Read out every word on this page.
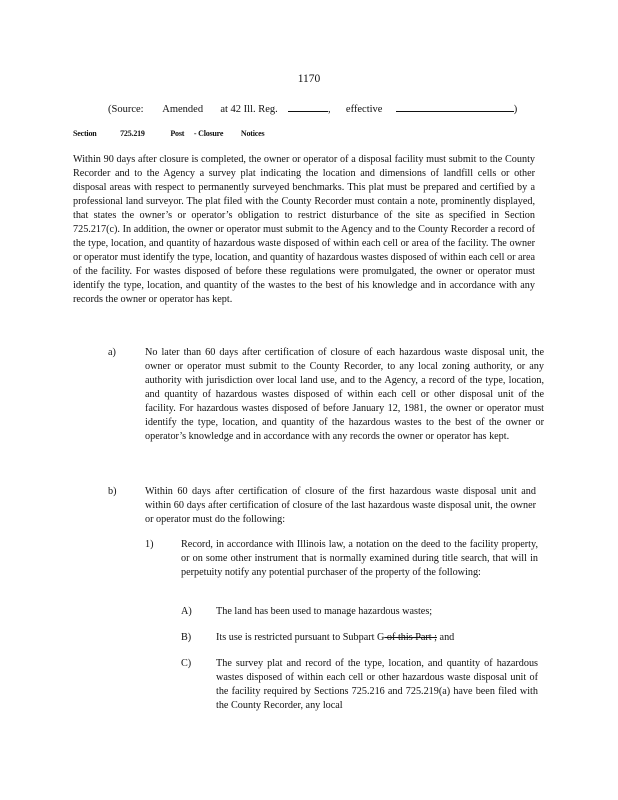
1170
(Source: Amended at 42 Ill. Reg.	, effective	)
Section	725.219	Post - Closure Notices
Within 90 days after closure is completed, the owner or operator of a disposal facility must submit to the County Recorder and to the Agency a survey plat indicating the location and dimensions of landfill cells or other disposal areas with respect to permanently surveyed benchmarks. This plat must be prepared and certified by a professional land surveyor. The plat filed with the County Recorder must contain a note, prominently displayed, that states the owner’s or operator’s obligation to restrict disturbance of the site as specified in Section 725.217(c). In addition, the owner or operator must submit to the Agency and to the County Recorder a record of the type, location, and quantity of hazardous waste disposed of within each cell or area of the facility. The owner or operator must identify the type, location, and quantity of hazardous wastes disposed of within each cell or area of the facility. For wastes disposed of before these regulations were promulgated, the owner or operator must identify the type, location, and quantity of the wastes to the best of his knowledge and in accordance with any records the owner or operator has kept.
a)	No later than 60 days after certification of closure of each hazardous waste disposal unit, the owner or operator must submit to the County Recorder, to any local zoning authority, or any authority with jurisdiction over local land use, and to the Agency, a record of the type, location, and quantity of hazardous wastes disposed of within each cell or other disposal unit of the facility. For hazardous wastes disposed of before January 12, 1981, the owner or operator must identify the type, location, and quantity of the hazardous wastes to the best of the owner or operator’s knowledge and in accordance with any records the owner or operator has kept.
b)	Within 60 days after certification of closure of the first hazardous waste disposal unit and within 60 days after certification of closure of the last hazardous waste disposal unit, the owner or operator must do the following:
1)	Record, in accordance with Illinois law, a notation on the deed to the facility property, or on some other instrument that is normally examined during title search, that will in perpetuity notify any potential purchaser of the property of the following:
A) The land has been used to manage hazardous wastes;
B) Its use is restricted pursuant to Subpart G of this Part ; and
C) The survey plat and record of the type, location, and quantity of hazardous wastes disposed of within each cell or other hazardous waste disposal unit of the facility required by Sections 725.216 and 725.219(a) have been filed with the County Recorder, any local
